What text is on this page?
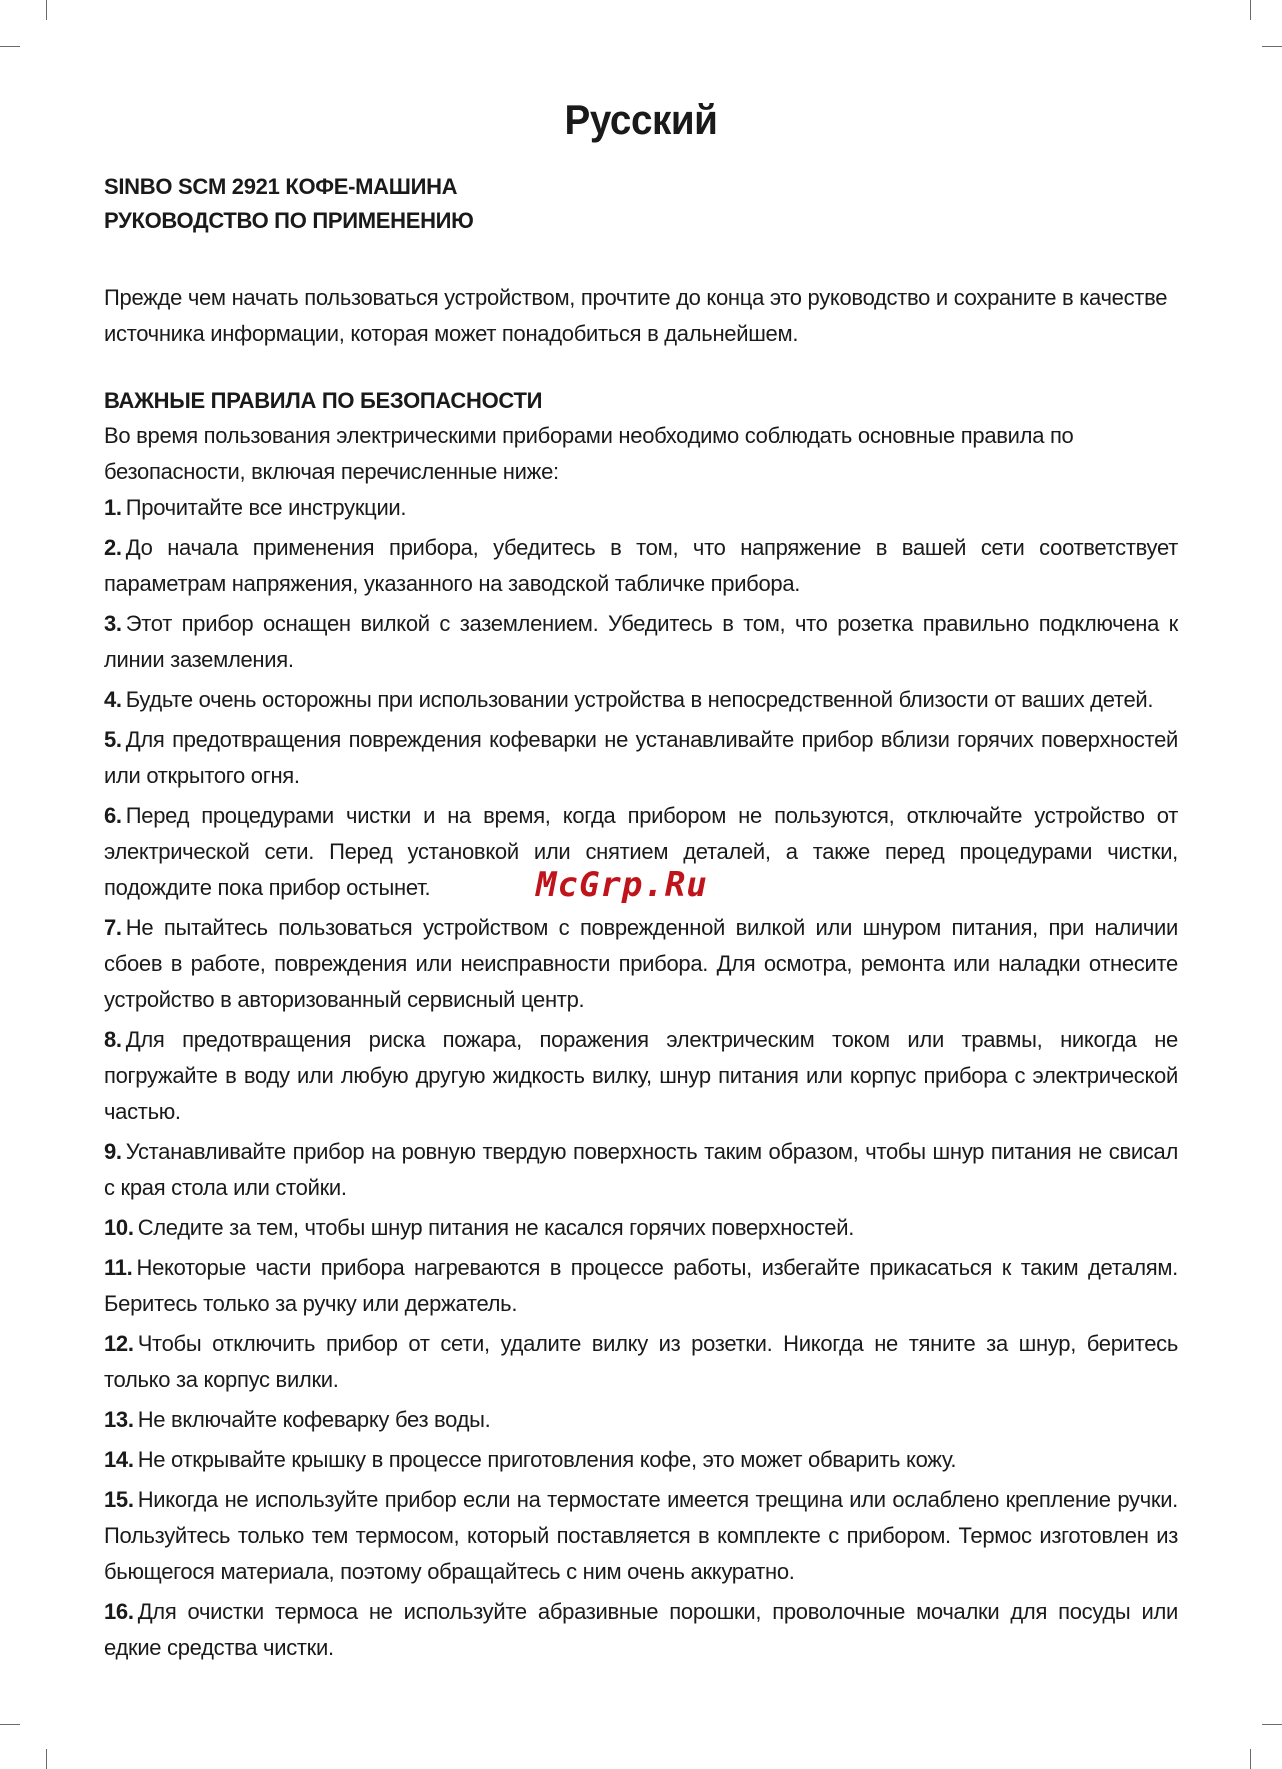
Русский

SINBO SCM 2921 КОФЕ-МАШИНА

РУКОВОДСТВО ПО ПРИМЕНЕНИЮ

Прежде чем начать пользоваться устройством, прочтите до конца это руководство и сохраните в качестве источника информации, которая может понадобиться в дальнейшем.

ВАЖНЫЕ ПРАВИЛА ПО БЕЗОПАСНОСТИ

Во время пользования электрическими приборами необходимо соблюдать основные правила по безопасности, включая перечисленные ниже:

1. Прочитайте все инструкции.
2. До начала применения прибора, убедитесь в том, что напряжение в вашей сети соответствует параметрам напряжения, указанного на заводской табличке прибора.
3. Этот прибор оснащен вилкой с заземлением. Убедитесь в том, что розетка правильно подключена к линии заземления.
4. Будьте очень осторожны при использовании устройства в непосредственной близости от ваших детей.
5. Для предотвращения повреждения кофеварки не устанавливайте прибор вблизи горячих поверхностей или открытого огня.
6. Перед процедурами чистки и на время, когда прибором не пользуются, отключайте устройство от электрической сети. Перед установкой или снятием деталей, а также перед процедурами чистки, подождите пока прибор остынет.
7. Не пытайтесь пользоваться устройством с поврежденной вилкой или шнуром питания, при наличии сбоев в работе, повреждения или неисправности прибора. Для осмотра, ремонта или наладки отнесите устройство в авторизованный сервисный центр.
8. Для предотвращения риска пожара, поражения электрическим током или травмы, никогда не погружайте в воду или любую другую жидкость вилку, шнур питания или корпус прибора с электрической частью.
9. Устанавливайте прибор на ровную твердую поверхность таким образом, чтобы шнур питания не свисал с края стола или стойки.
10. Следите за тем, чтобы шнур питания не касался горячих поверхностей.
11. Некоторые части прибора нагреваются в процессе работы, избегайте прикасаться к таким деталям. Беритесь только за ручку или держатель.
12. Чтобы отключить прибор от сети, удалите вилку из розетки. Никогда не тяните за шнур, беритесь только за корпус вилки.
13. Не включайте кофеварку без воды.
14. Не открывайте крышку в процессе приготовления кофе, это может обварить кожу.
15. Никогда не используйте прибор если на термостате имеется трещина или ослаблено крепление ручки. Пользуйтесь только тем термосом, который поставляется в комплекте с прибором. Термос изготовлен из бьющегося материала, поэтому обращайтесь с ним очень аккуратно.
16. Для очистки термоса не используйте абразивные порошки, проволочные мочалки для посуды или едкие средства чистки.
McGrp.Ru
